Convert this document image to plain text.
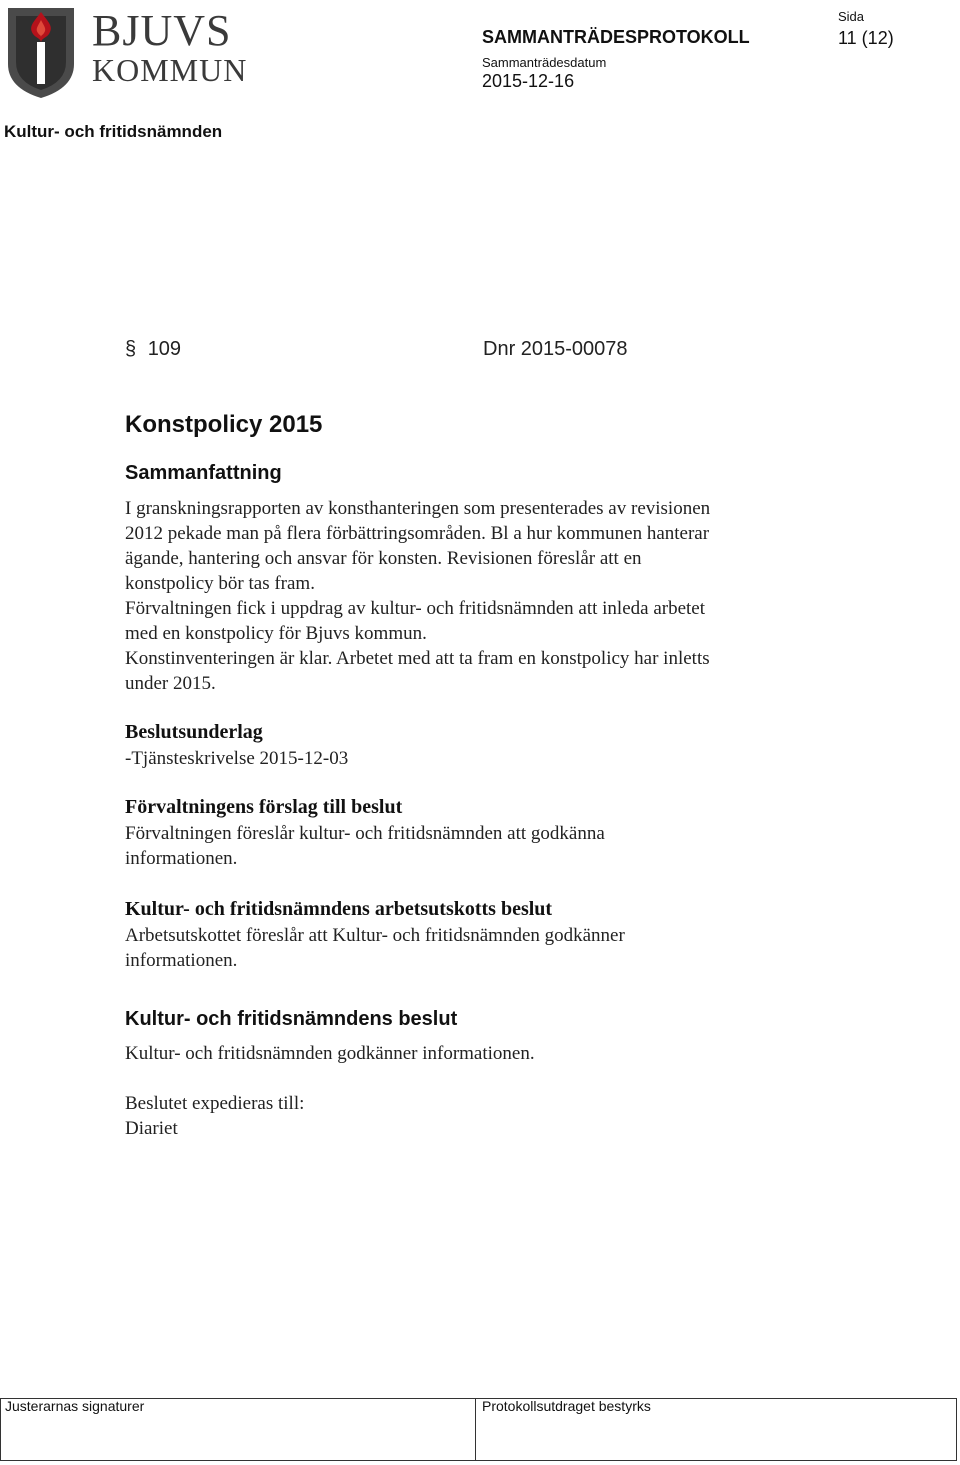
BJUVS
KOMMUN
SAMMANTRÄDESPROTOKOLL
Sida
11 (12)
Sammanträdesdatum
2015-12-16
Kultur- och fritidsnämnden
§ 109	Dnr 2015-00078
Konstpolicy 2015
Sammanfattning

I granskningsrapporten av konsthanteringen som presenterades av revisionen

2012 pekade man på flera förbättringsområden. Bl a hur kommunen hanterar

ägande, hantering och ansvar för konsten. Revisionen föreslår att en

konstpolicy bör tas fram.

Förvaltningen fick i uppdrag av kultur- och fritidsnämnden att inleda arbetet

med en konstpolicy för Bjuvs kommun.

Konstinventeringen är klar. Arbetet med att ta fram en konstpolicy har inletts

under 2015.

Beslutsunderlag

-Tjänsteskrivelse 2015-12-03

Förvaltningens förslag till beslut

Förvaltningen föreslår kultur- och fritidsnämnden att godkänna

informationen.

Kultur- och fritidsnämndens arbetsutskotts beslut

Arbetsutskottet föreslår att Kultur- och fritidsnämnden godkänner

informationen.

Kultur- och fritidsnämndens beslut

Kultur- och fritidsnämnden godkänner informationen.

Beslutet expedieras till:

Diariet

Justerarnas signaturer	Protokollsutdraget bestyrks
